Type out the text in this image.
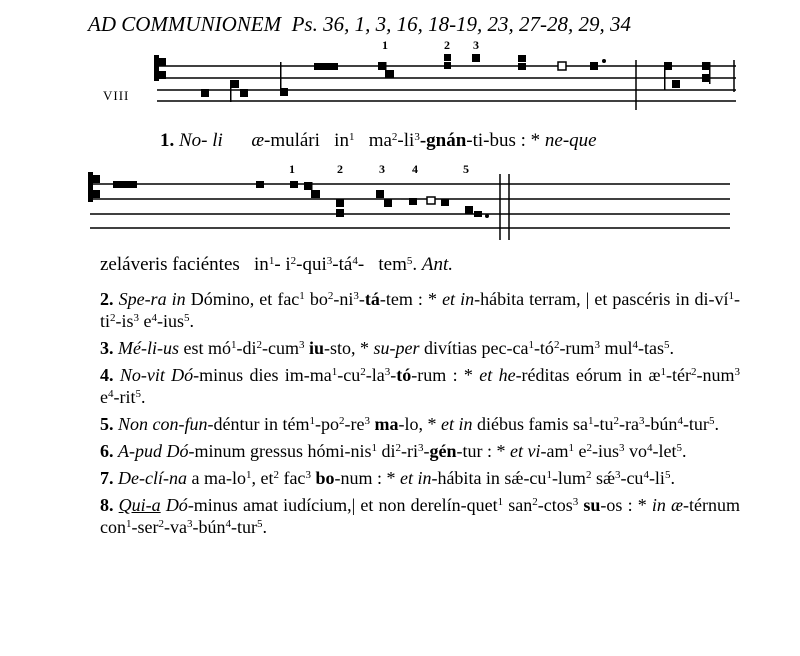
AD COMMUNIONEM Ps. 36, 1, 3, 16, 18-19, 23, 27-28, 29, 34
VIII
1	2 3
1	2	3 4	5
1. No- li æ-mulári $in^1$ $ma^2-li^3-gnán-ti$-bus : * ne-que
zeláveris faciéntes $in^1-$ $i^2-qui^3-tá^4-$ tem$^5$. Ant.

2. Spe-ra in Dómino, et fac$^1$ $bo^2-ni^3-tá$-tem : * et in-hábita terram, | et pascéris in $di-ví^1-ti^2-is^3$ $e^4-ius^5$.

3. Mé-li-us est $mó^1-di^2-cum^3$ iu-sto, * su-per divítias pec-$ca^1-tó^2-rum^3$ mul$^4$-tas$^5$.

4. No-vit Dó-minus dies $im-ma^1-cu^2-la^3-tó$-rum : * et he-réditas eórum in $æ^1-tér^2-num^3$ $e^4-rit^5$.

5. Non con-fun-déntur in $tém^1-po^2-re^3$ ma-lo, * et in diébus famis $sa^1-tu^2-ra^3-bún^4-tur^5$.

6. A-pud Dó-minum gressus hómi-nis$^1$ $di^2-ri^3-gén$-tur : * et $vi-am^1$ $e^2-ius^3$ $vo^4-let^5$.

7. De-clí-na a $ma-lo^1$, $et^2$ fac$^3$ bo-num : * et in-hábita in $sǽ-cu^1-lum^2$ $sǽ^3-cu^4-li^5$.

8. Qui-a Dó-minus amat iudícium,| et non derelín-quet$^1$ san$^2$-ctos$^3$ su-os : * in æ-térnum $con^1-ser^2-va^3-bún^4-tur^5$.
